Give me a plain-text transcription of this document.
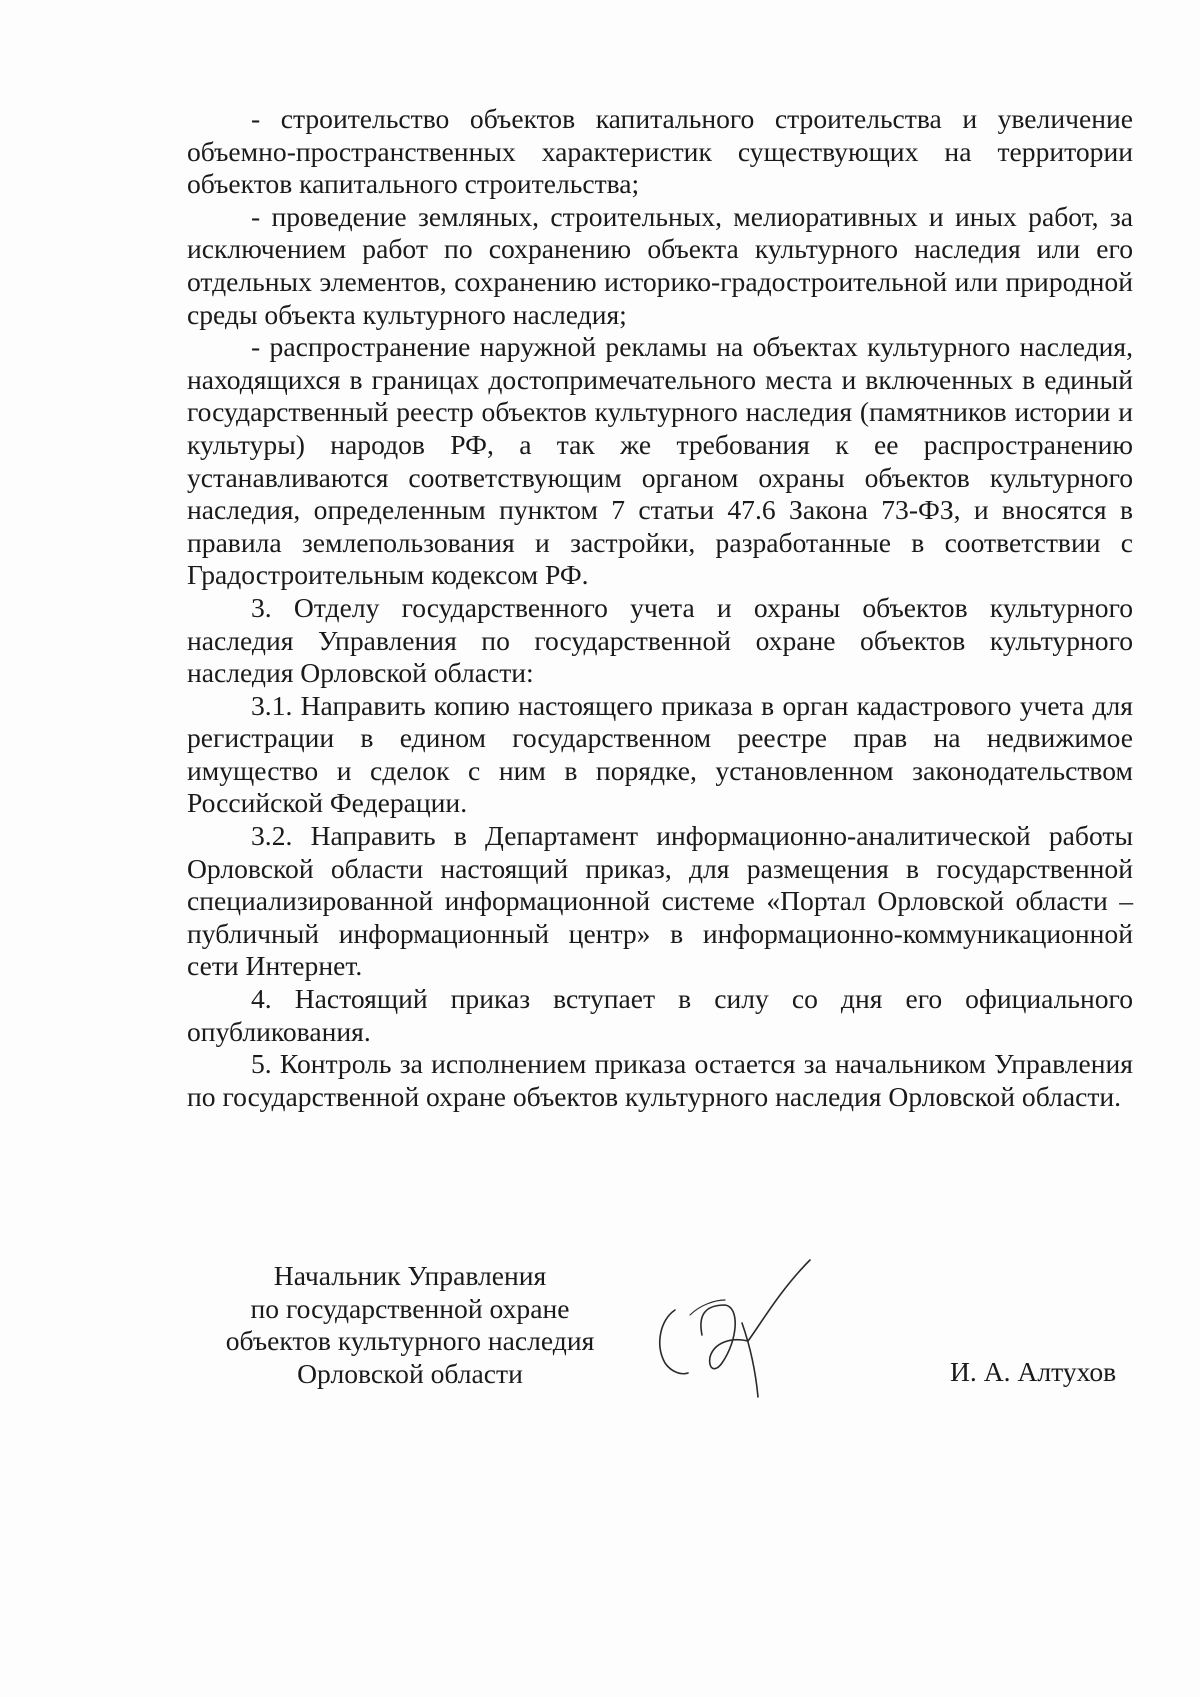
- строительство объектов капитального строительства и увеличение объемно-пространственных характеристик существующих на территории объектов капитального строительства;

- проведение земляных, строительных, мелиоративных и иных работ, за исключением работ по сохранению объекта культурного наследия или его отдельных элементов, сохранению историко-градостроительной или природной среды объекта культурного наследия;

- распространение наружной рекламы на объектах культурного наследия, находящихся в границах достопримечательного места и включенных в единый государственный реестр объектов культурного наследия (памятников истории и культуры) народов РФ, а так же требования к ее распространению устанавливаются соответствующим органом охраны объектов культурного наследия, определенным пунктом 7 статьи 47.6 Закона 73-ФЗ, и вносятся в правила землепользования и застройки, разработанные в соответствии с Градостроительным кодексом РФ.

3. Отделу государственного учета и охраны объектов культурного наследия Управления по государственной охране объектов культурного наследия Орловской области:

3.1. Направить копию настоящего приказа в орган кадастрового учета для регистрации в едином государственном реестре прав на недвижимое имущество и сделок с ним в порядке, установленном законодательством Российской Федерации.

3.2. Направить в Департамент информационно-аналитической работы Орловской области настоящий приказ, для размещения в государственной специализированной информационной системе «Портал Орловской области – публичный информационный центр» в информационно-коммуникационной сети Интернет.

4. Настоящий приказ вступает в силу со дня его официального опубликования.

5. Контроль за исполнением приказа остается за начальником Управления по государственной охране объектов культурного наследия Орловской области.

Начальник Управления
по государственной охране
объектов культурного наследия
Орловской области	И. А. Алтухов
